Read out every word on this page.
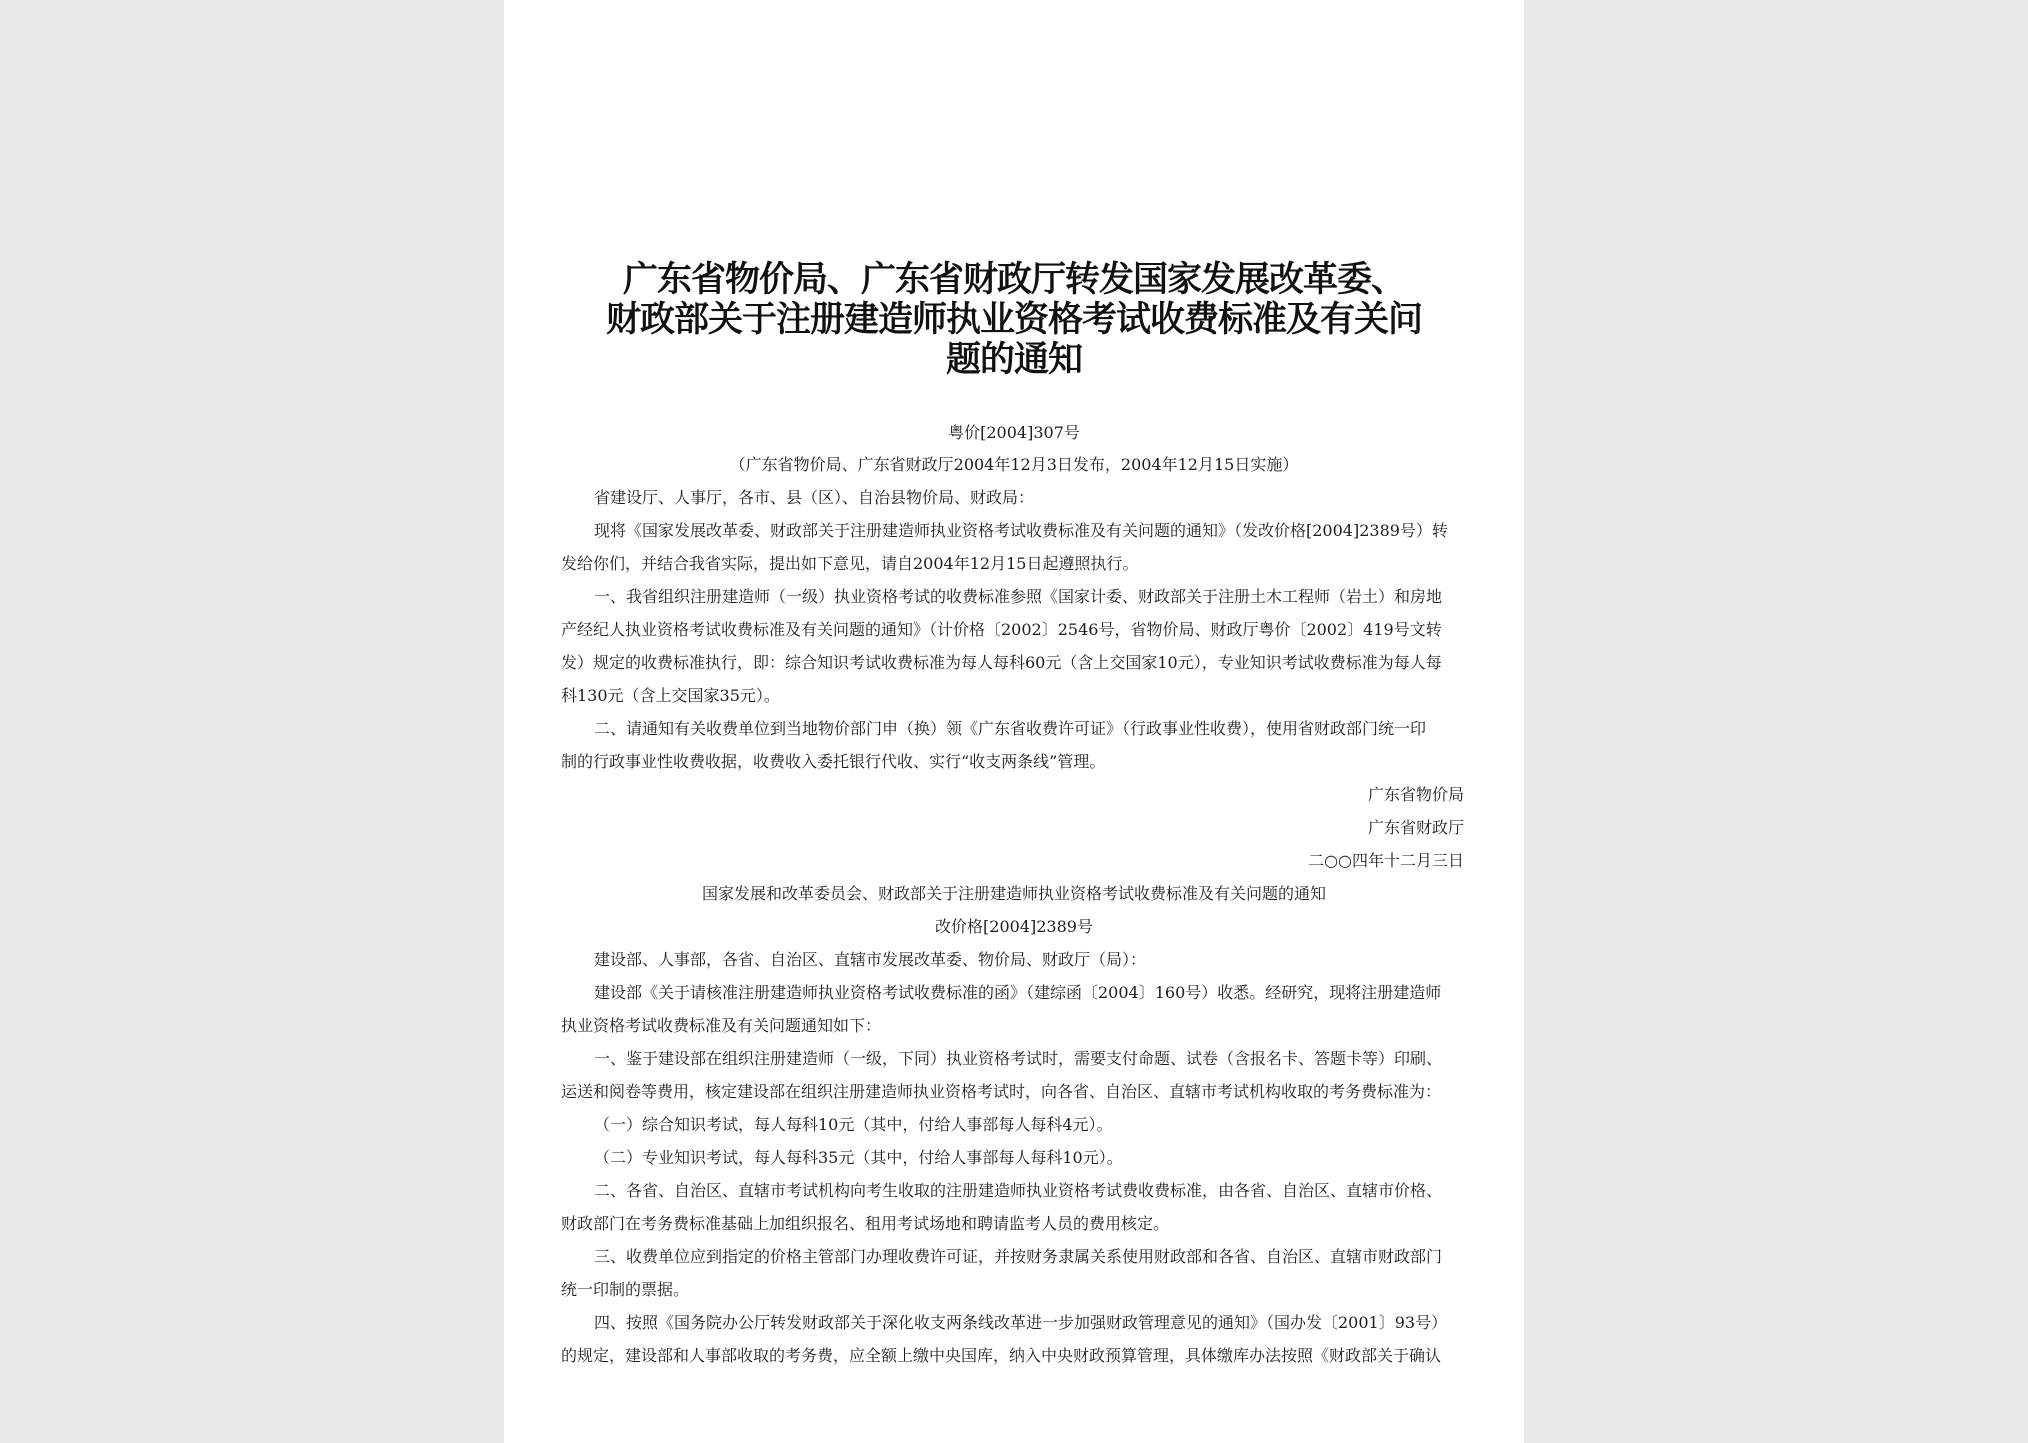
广东省物价局、广东省财政厅转发国家发展改革委、
财政部关于注册建造师执业资格考试收费标准及有关问
题的通知
粤价[2004]307号
（广东省物价局、广东省财政厅2004年12月3日发布，2004年12月15日实施）
省建设厅、人事厅，各市、县（区）、自治县物价局、财政局：
现将《国家发展改革委、财政部关于注册建造师执业资格考试收费标准及有关问题的通知》（发改价格[2004]2389号）转
发给你们，并结合我省实际，提出如下意见，请自2004年12月15日起遵照执行。
一、我省组织注册建造师（一级）执业资格考试的收费标准参照《国家计委、财政部关于注册土木工程师（岩土）和房地
产经纪人执业资格考试收费标准及有关问题的通知》（计价格〔2002〕2546号，省物价局、财政厅粤价〔2002〕419号文转
发）规定的收费标准执行，即：综合知识考试收费标准为每人每科60元（含上交国家10元），专业知识考试收费标准为每人每
科130元（含上交国家35元）。
二、请通知有关收费单位到当地物价部门申（换）领《广东省收费许可证》（行政事业性收费），使用省财政部门统一印
制的行政事业性收费收据，收费收入委托银行代收、实行“收支两条线”管理。
广东省物价局
广东省财政厅
二○○四年十二月三日
国家发展和改革委员会、财政部关于注册建造师执业资格考试收费标准及有关问题的通知
改价格[2004]2389号
建设部、人事部，各省、自治区、直辖市发展改革委、物价局、财政厅（局）：
建设部《关于请核准注册建造师执业资格考试收费标准的函》（建综函〔2004〕160号）收悉。经研究，现将注册建造师
执业资格考试收费标准及有关问题通知如下：
一、鉴于建设部在组织注册建造师（一级，下同）执业资格考试时，需要支付命题、试卷（含报名卡、答题卡等）印刷、
运送和阅卷等费用，核定建设部在组织注册建造师执业资格考试时，向各省、自治区、直辖市考试机构收取的考务费标准为：
（一）综合知识考试，每人每科10元（其中，付给人事部每人每科4元）。
（二）专业知识考试，每人每科35元（其中，付给人事部每人每科10元）。
二、各省、自治区、直辖市考试机构向考生收取的注册建造师执业资格考试费收费标准，由各省、自治区、直辖市价格、
财政部门在考务费标准基础上加组织报名、租用考试场地和聘请监考人员的费用核定。
三、收费单位应到指定的价格主管部门办理收费许可证，并按财务隶属关系使用财政部和各省、自治区、直辖市财政部门
统一印制的票据。
四、按照《国务院办公厅转发财政部关于深化收支两条线改革进一步加强财政管理意见的通知》（国办发〔2001〕93号）
的规定，建设部和人事部收取的考务费，应全额上缴中央国库，纳入中央财政预算管理，具体缴库办法按照《财政部关于确认
